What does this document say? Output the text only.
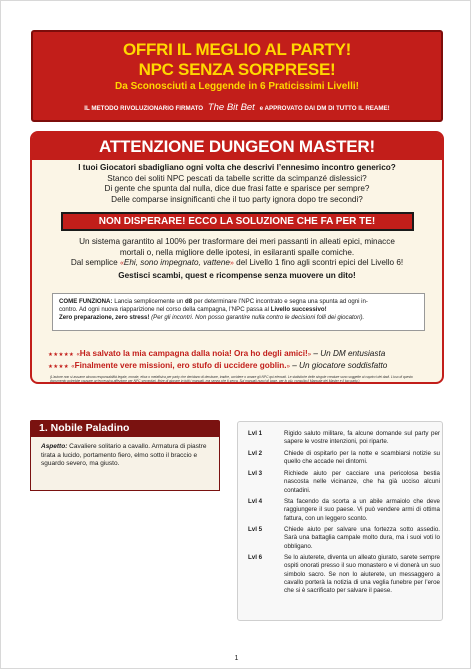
OFFRI IL MEGLIO AL PARTY!
NPC SENZA SORPRESE!
Da Sconosciuti a Leggende in 6 Praticissimi Livelli!
IL METODO RIVOLUZIONARIO FIRMATO The Bit Bet e APPROVATO DAI DM DI TUTTO IL REAME!
ATTENZIONE DUNGEON MASTER!
I tuoi Giocatori sbadigliano ogni volta che descrivi l’ennesimo incontro generico?
Stanco dei soliti NPC pescati da tabelle scritte da scimpanzé dislessici?
Di gente che spunta dal nulla, dice due frasi fatte e sparisce per sempre?
Delle comparse insignificanti che il tuo party ignora dopo tre secondi?
NON DISPERARE! ECCO LA SOLUZIONE CHE FA PER TE!
Un sistema garantito al 100% per trasformare dei meri passanti in alleati epici, minacce
mortali o, nella migliore delle ipotesi, in esilaranti spalle comiche.
Dal semplice «Ehi, sono impegnato, vattene» del Livello 1 fino agli scontri epici del Livello 6!
Gestisci scambi, quest e ricompense senza muovere un dito!
COME FUNZIONA: Lancia semplicemente un d8 per determinare l’NPC incontrato e segna una spunta ad ogni in-
contro. Ad ogni nuova riapparizione nel corso della campagna, l’NPC passa al Livello successivo!
Zero preparazione, zero stress! (Per gli incontri. Non posso garantire nulla contro le decisioni folli dei giocatori).
★★★★★ «Ha salvato la mia campagna dalla noia! Ora ho degli amici!» – Un DM entusiasta
★★★★ «Finalmente vere missioni, ero stufo di uccidere goblin.» – Un giocatore soddisfatto
(L’autore non si assume alcuna responsabilità legale, morale, etica o metafisica per party che decidano di derubare, tradire, uccidere o amare gli NPC qui elencati. Le statistiche delle singole creature sono soggette ai capricci dei dadi. L’uso di questo documento potrebbe causare un’eccessiva affezione per NPC secondari, finire di giocare in tutti i manuali, ma senza che ti serva. Sui manuali nuovi di base, per lo più, consulta il Manuale del Master e il tuo party.)
1. Nobile Paladino
Aspetto: Cavaliere solitario a cavallo. Armatura di piastre tirata a lucido, portamento fiero, elmo sotto il braccio e sguardo severo, ma giusto.
Lvl 1	Rigido saluto militare, fa alcune domande sul party per sapere le vostre intenzioni, poi riparte.
Lvl 2	Chiede di ospitarlo per la notte e scambiarsi notizie su quello che accade nei dintorni.
Lvl 3	Richiede aiuto per cacciare una pericolosa bestia nascosta nelle vicinanze, che ha già ucciso alcuni contadini.
Lvl 4	Sta facendo da scorta a un abile armaiolo che deve raggiungere il suo paese. Vi può vendere armi di ottima fattura, con un leggero sconto.
Lvl 5	Chiede aiuto per salvare una fortezza sotto assedio. Sarà una battaglia campale molto dura, ma i suoi voti lo obbligano.
Lvl 6	Se lo aiuterete, diventa un alleato giurato, sarete sempre ospiti onorati presso il suo monastero e vi donerà un suo simbolo sacro. Se non lo aiuterete, un messaggero a cavallo porterà la notizia di una veglia funebre per l’eroe che si è sacrificato per salvare il paese.
1
